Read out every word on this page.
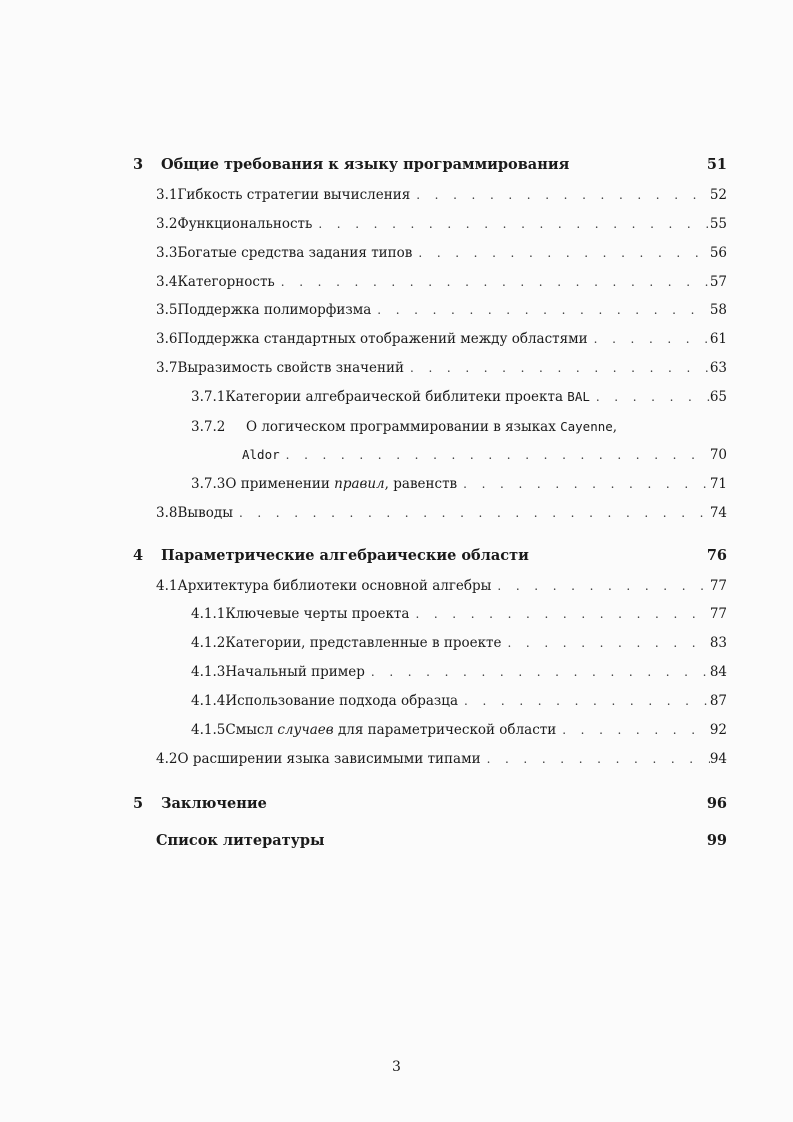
3	Общие требования к языку программирования	51
3.1 Гибкость стратегии вычисления . . .	52
3.2 Функциональность . . .	55
3.3 Богатые средства задания типов . . .	56
3.4 Категорность . . .	57
3.5 Поддержка полиморфизма . . .	58
3.6 Поддержка стандартных отображений между областями . . .	61
3.7 Выразимость свойств значений . . .	63
3.7.1 Категории алгебраической библитеки проекта BAL . . .	65
3.7.2	О логическом программировании в языках Cayenne,
Aldor . . .	70
3.7.3 О применении правил, равенств . . .	71
3.8 Выводы . . .	74
4	Параметрические алгебраические области	76
4.1 Архитектура библиотеки основной алгебры . . .	77
4.1.1 Ключевые черты проекта . . .	77
4.1.2 Категории, представленные в проекте . . .	83
4.1.3 Начальный пример . . .	84
4.1.4 Использование подхода образца . . .	87
4.1.5 Смысл случаев для параметрической области . . .	92
4.2 О расширении языка зависимыми типами . . .	94
5	Заключение	96
Список литературы	99
3
